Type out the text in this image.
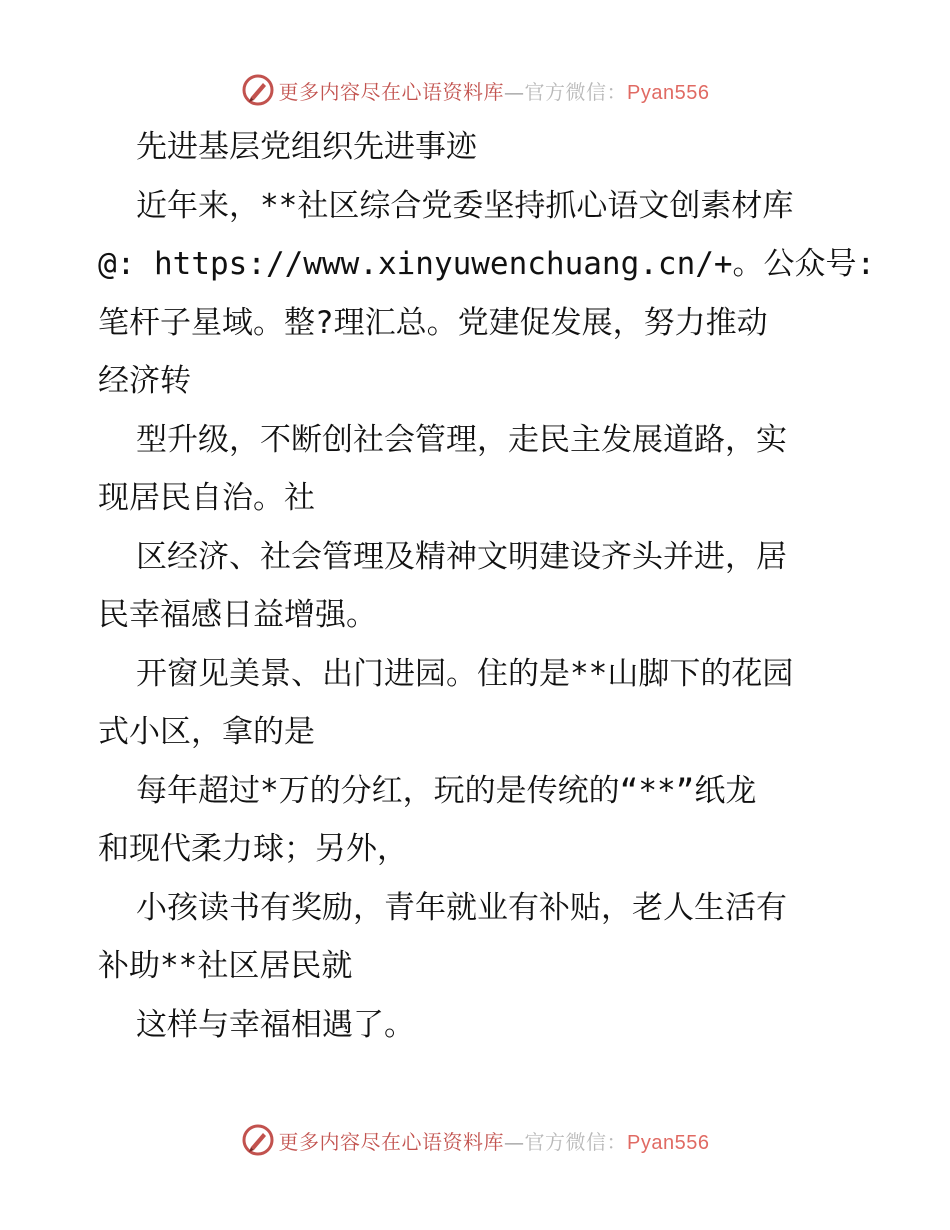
更多内容尽在心语资料库—官方微信：Pyan556
先进基层党组织先进事迹
近年来，**社区综合党委坚持抓心语文创素材库
@: https://www.xinyuwenchuang.cn/+。公众号:
笔杆子星域。整?理汇总。党建促发展，努力推动
经济转
型升级，不断创社会管理，走民主发展道路，实
现居民自治。社
区经济、社会管理及精神文明建设齐头并进，居
民幸福感日益增强。
开窗见美景、出门进园。住的是**山脚下的花园
式小区，拿的是
每年超过*万的分红，玩的是传统的“**”纸龙
和现代柔力球；另外，
小孩读书有奖励，青年就业有补贴，老人生活有
补助**社区居民就
这样与幸福相遇了。
更多内容尽在心语资料库—官方微信：Pyan556
